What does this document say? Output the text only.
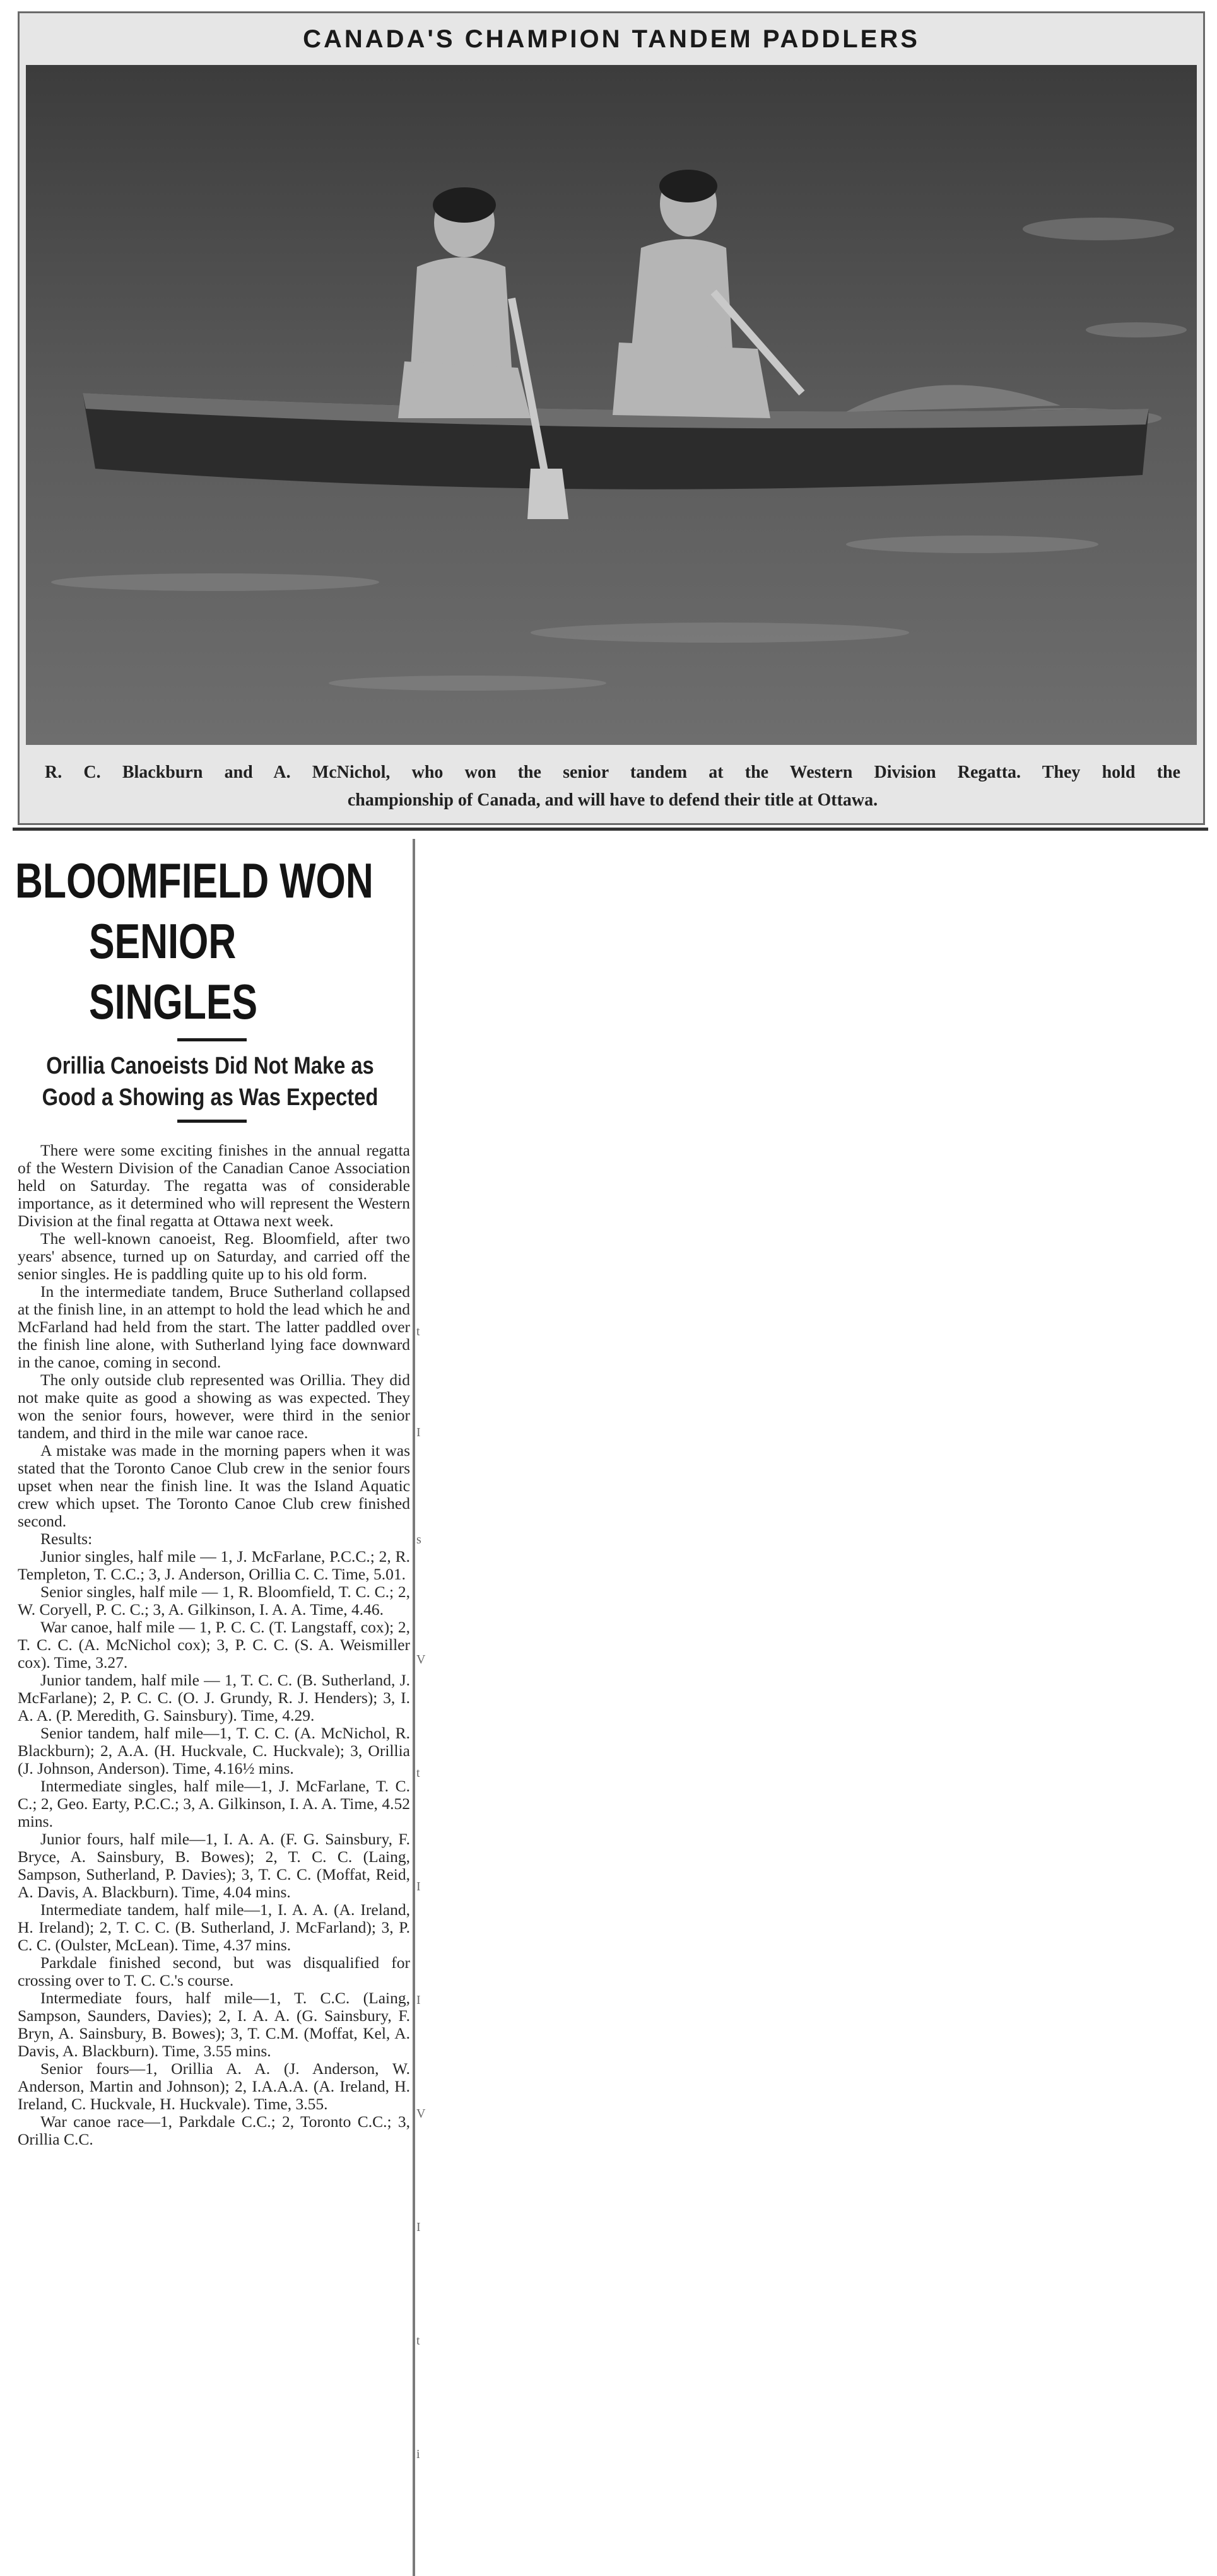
CANADA'S CHAMPION TANDEM PADDLERS
R. C. Blackburn and A. McNichol, who won the senior tandem at the Western Division Regatta. They hold the
championship of Canada, and will have to defend their title at Ottawa.
BLOOMFIELD WON
SENIOR SINGLES
Orillia Canoeists Did Not Make as Good a Showing as Was Expected

There were some exciting finishes in the annual regatta of the Western Division of the Canadian Canoe Association held on Saturday. The regatta was of considerable importance, as it determined who will represent the Western Division at the final regatta at Ottawa next week.

The well-known canoeist, Reg. Bloomfield, after two years' absence, turned up on Saturday, and carried off the senior singles. He is paddling quite up to his old form.

In the intermediate tandem, Bruce Sutherland collapsed at the finish line, in an attempt to hold the lead which he and McFarland had held from the start. The latter paddled over the finish line alone, with Sutherland lying face downward in the canoe, coming in second.

The only outside club represented was Orillia. They did not make quite as good a showing as was expected. They won the senior fours, however, were third in the senior tandem, and third in the mile war canoe race.

A mistake was made in the morning papers when it was stated that the Toronto Canoe Club crew in the senior fours upset when near the finish line. It was the Island Aquatic crew which upset. The Toronto Canoe Club crew finished second.

Results:

Junior singles, half mile — 1, J. McFarlane, P.C.C.; 2, R. Templeton, T. C.C.; 3, J. Anderson, Orillia C. C. Time, 5.01.

Senior singles, half mile — 1, R. Bloomfield, T. C. C.; 2, W. Coryell, P. C. C.; 3, A. Gilkinson, I. A. A. Time, 4.46.

War canoe, half mile — 1, P. C. C. (T. Langstaff, cox); 2, T. C. C. (A. McNichol cox); 3, P. C. C. (S. A. Weismiller cox). Time, 3.27.

Junior tandem, half mile — 1, T. C. C. (B. Sutherland, J. McFarlane); 2, P. C. C. (O. J. Grundy, R. J. Henders); 3, I. A. A. (P. Meredith, G. Sainsbury). Time, 4.29.

Senior tandem, half mile—1, T. C. C. (A. McNichol, R. Blackburn); 2, A.A. (H. Huckvale, C. Huckvale); 3, Orillia (J. Johnson, Anderson). Time, 4.16½ mins.

Intermediate singles, half mile—1, J. McFarlane, T. C. C.; 2, Geo. Earty, P.C.C.; 3, A. Gilkinson, I. A. A. Time, 4.52 mins.

Junior fours, half mile—1, I. A. A. (F. G. Sainsbury, F. Bryce, A. Sainsbury, B. Bowes); 2, T. C. C. (Laing, Sampson, Sutherland, P. Davies); 3, T. C. C. (Moffat, Reid, A. Davis, A. Blackburn). Time, 4.04 mins.

Intermediate tandem, half mile—1, I. A. A. (A. Ireland, H. Ireland); 2, T. C. C. (B. Sutherland, J. McFarland); 3, P. C. C. (Oulster, McLean). Time, 4.37 mins.

Parkdale finished second, but was disqualified for crossing over to T. C. C.'s course.

Intermediate fours, half mile—1, T. C.C. (Laing, Sampson, Saunders, Davies); 2, I. A. A. (G. Sainsbury, F. Bryn, A. Sainsbury, B. Bowes); 3, T. C.M. (Moffat, Kel, A. Davis, A. Blackburn). Time, 3.55 mins.

Senior fours—1, Orillia A. A. (J. Anderson, W. Anderson, Martin and Johnson); 2, I.A.A.A. (A. Ireland, H. Ireland, C. Huckvale, H. Huckvale). Time, 3.55.

War canoe race—1, Parkdale C.C.; 2, Toronto C.C.; 3, Orillia C.C.

t
I
s
V
t
I
I
V
I
t
i
